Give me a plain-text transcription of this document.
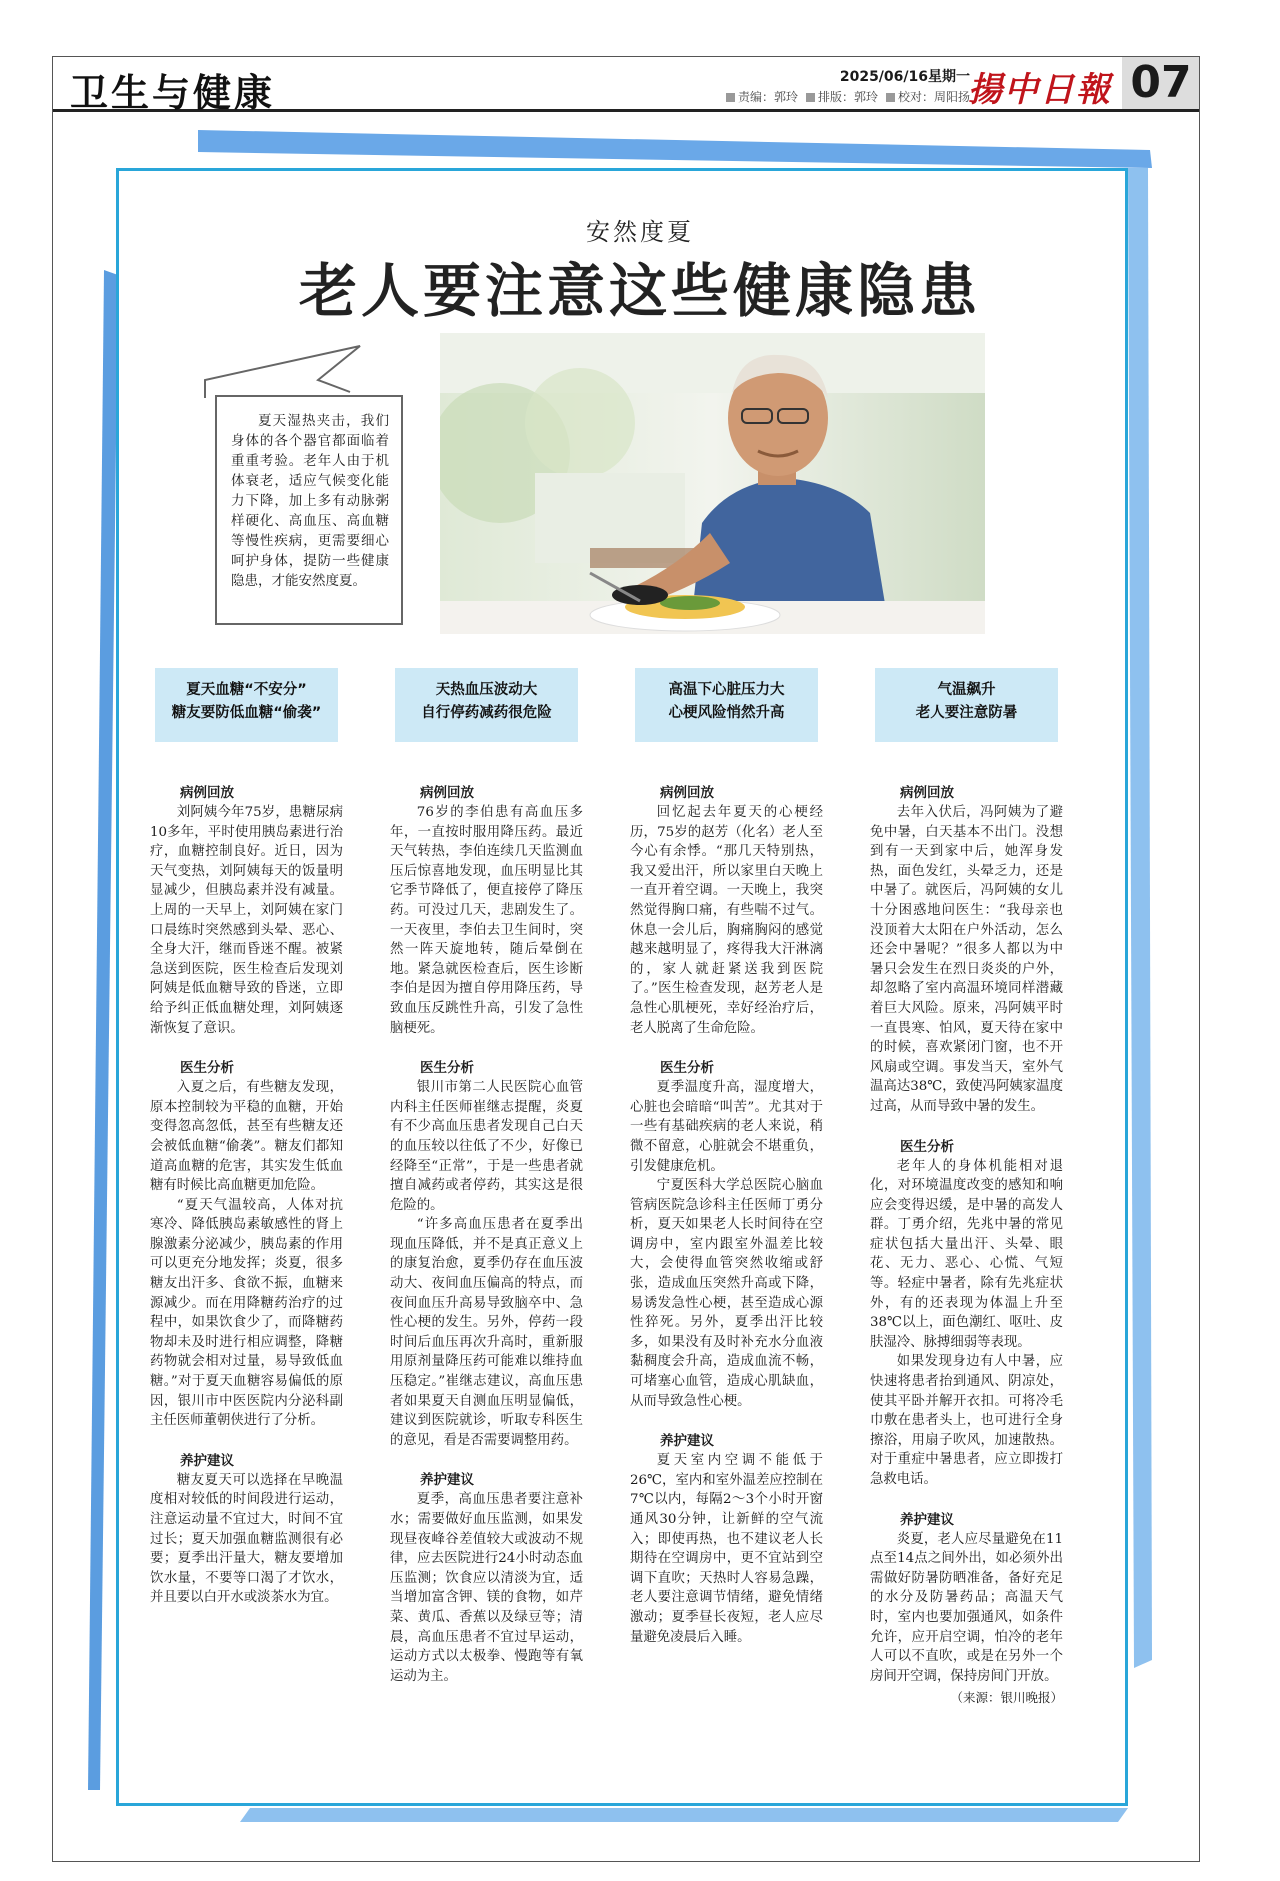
卫生与健康	2025/06/16星期一
责编：郭玲 排版：郭玲 校对：周阳扬
揚中日報 07
安然度夏
老人要注意这些健康隐患

夏天湿热夹击，我们身体的各个器官都面临着重重考验。老年人由于机体衰老，适应气候变化能力下降，加上多有动脉粥样硬化、高血压、高血糖等慢性疾病，更需要细心呵护身体，提防一些健康隐患，才能安然度夏。

夏天血糖“不安分”
糖友要防低血糖“偷袭”
天热血压波动大
自行停药减药很危险
高温下心脏压力大
心梗风险悄然升高
气温飙升
老人要注意防暑
病例回放

刘阿姨今年75岁，患糖尿病10多年，平时使用胰岛素进行治疗，血糖控制良好。近日，因为天气变热，刘阿姨每天的饭量明显减少，但胰岛素并没有减量。上周的一天早上，刘阿姨在家门口晨练时突然感到头晕、恶心、全身大汗，继而昏迷不醒。被紧急送到医院，医生检查后发现刘阿姨是低血糖导致的昏迷，立即给予纠正低血糖处理，刘阿姨逐渐恢复了意识。

医生分析

入夏之后，有些糖友发现，原本控制较为平稳的血糖，开始变得忽高忽低，甚至有些糖友还会被低血糖“偷袭”。糖友们都知道高血糖的危害，其实发生低血糖有时候比高血糖更加危险。

“夏天气温较高，人体对抗寒冷、降低胰岛素敏感性的肾上腺激素分泌减少，胰岛素的作用可以更充分地发挥；炎夏，很多糖友出汗多、食欲不振，血糖来源减少。而在用降糖药治疗的过程中，如果饮食少了，而降糖药物却未及时进行相应调整，降糖药物就会相对过量，易导致低血糖。”对于夏天血糖容易偏低的原因，银川市中医医院内分泌科副主任医师董朝侠进行了分析。

养护建议

糖友夏天可以选择在早晚温度相对较低的时间段进行运动，注意运动量不宜过大，时间不宜过长；夏天加强血糖监测很有必要；夏季出汗量大，糖友要增加饮水量，不要等口渴了才饮水，并且要以白开水或淡茶水为宜。

病例回放

76岁的李伯患有高血压多年，一直按时服用降压药。最近天气转热，李伯连续几天监测血压后惊喜地发现，血压明显比其它季节降低了，便直接停了降压药。可没过几天，悲剧发生了。一天夜里，李伯去卫生间时，突然一阵天旋地转，随后晕倒在地。紧急就医检查后，医生诊断李伯是因为擅自停用降压药，导致血压反跳性升高，引发了急性脑梗死。

医生分析

银川市第二人民医院心血管内科主任医师崔继志提醒，炎夏有不少高血压患者发现自己白天的血压较以往低了不少，好像已经降至“正常”，于是一些患者就擅自减药或者停药，其实这是很危险的。

“许多高血压患者在夏季出现血压降低，并不是真正意义上的康复治愈，夏季仍存在血压波动大、夜间血压偏高的特点，而夜间血压升高易导致脑卒中、急性心梗的发生。另外，停药一段时间后血压再次升高时，重新服用原剂量降压药可能难以维持血压稳定。”崔继志建议，高血压患者如果夏天自测血压明显偏低，建议到医院就诊，听取专科医生的意见，看是否需要调整用药。

养护建议

夏季，高血压患者要注意补水；需要做好血压监测，如果发现昼夜峰谷差值较大或波动不规律，应去医院进行24小时动态血压监测；饮食应以清淡为宜，适当增加富含钾、镁的食物，如芹菜、黄瓜、香蕉以及绿豆等；清晨，高血压患者不宜过早运动，运动方式以太极拳、慢跑等有氧运动为主。

病例回放

回忆起去年夏天的心梗经历，75岁的赵芳（化名）老人至今心有余悸。“那几天特别热，我又爱出汗，所以家里白天晚上一直开着空调。一天晚上，我突然觉得胸口痛，有些喘不过气。休息一会儿后，胸痛胸闷的感觉越来越明显了，疼得我大汗淋漓的，家人就赶紧送我到医院了。”医生检查发现，赵芳老人是急性心肌梗死，幸好经治疗后，老人脱离了生命危险。

医生分析

夏季温度升高，湿度增大，心脏也会暗暗“叫苦”。尤其对于一些有基础疾病的老人来说，稍微不留意，心脏就会不堪重负，引发健康危机。

宁夏医科大学总医院心脑血管病医院急诊科主任医师丁勇分析，夏天如果老人长时间待在空调房中，室内跟室外温差比较大，会使得血管突然收缩或舒张，造成血压突然升高或下降，易诱发急性心梗，甚至造成心源性猝死。另外，夏季出汗比较多，如果没有及时补充水分血液黏稠度会升高，造成血流不畅，可堵塞心血管，造成心肌缺血，从而导致急性心梗。

养护建议

夏天室内空调不能低于26℃，室内和室外温差应控制在7℃以内，每隔2～3个小时开窗通风30分钟，让新鲜的空气流入；即使再热，也不建议老人长期待在空调房中，更不宜站到空调下直吹；天热时人容易急躁，老人要注意调节情绪，避免情绪激动；夏季昼长夜短，老人应尽量避免凌晨后入睡。

病例回放

去年入伏后，冯阿姨为了避免中暑，白天基本不出门。没想到有一天到家中后，她浑身发热，面色发红，头晕乏力，还是中暑了。就医后，冯阿姨的女儿十分困惑地问医生：“我母亲也没顶着大太阳在户外活动，怎么还会中暑呢？”很多人都以为中暑只会发生在烈日炎炎的户外，却忽略了室内高温环境同样潜藏着巨大风险。原来，冯阿姨平时一直畏寒、怕风，夏天待在家中的时候，喜欢紧闭门窗，也不开风扇或空调。事发当天，室外气温高达38℃，致使冯阿姨家温度过高，从而导致中暑的发生。

医生分析

老年人的身体机能相对退化，对环境温度改变的感知和响应会变得迟缓，是中暑的高发人群。丁勇介绍，先兆中暑的常见症状包括大量出汗、头晕、眼花、无力、恶心、心慌、气短等。轻症中暑者，除有先兆症状外，有的还表现为体温上升至38℃以上，面色潮红、呕吐、皮肤湿冷、脉搏细弱等表现。

如果发现身边有人中暑，应快速将患者抬到通风、阴凉处，使其平卧并解开衣扣。可将冷毛巾敷在患者头上，也可进行全身擦浴，用扇子吹风，加速散热。对于重症中暑患者，应立即拨打急救电话。

养护建议

炎夏，老人应尽量避免在11点至14点之间外出，如必须外出需做好防暑防晒准备，备好充足的水分及防暑药品；高温天气时，室内也要加强通风，如条件允许，应开启空调，怕冷的老年人可以不直吹，或是在另外一个房间开空调，保持房间门开放。

（来源：银川晚报）
